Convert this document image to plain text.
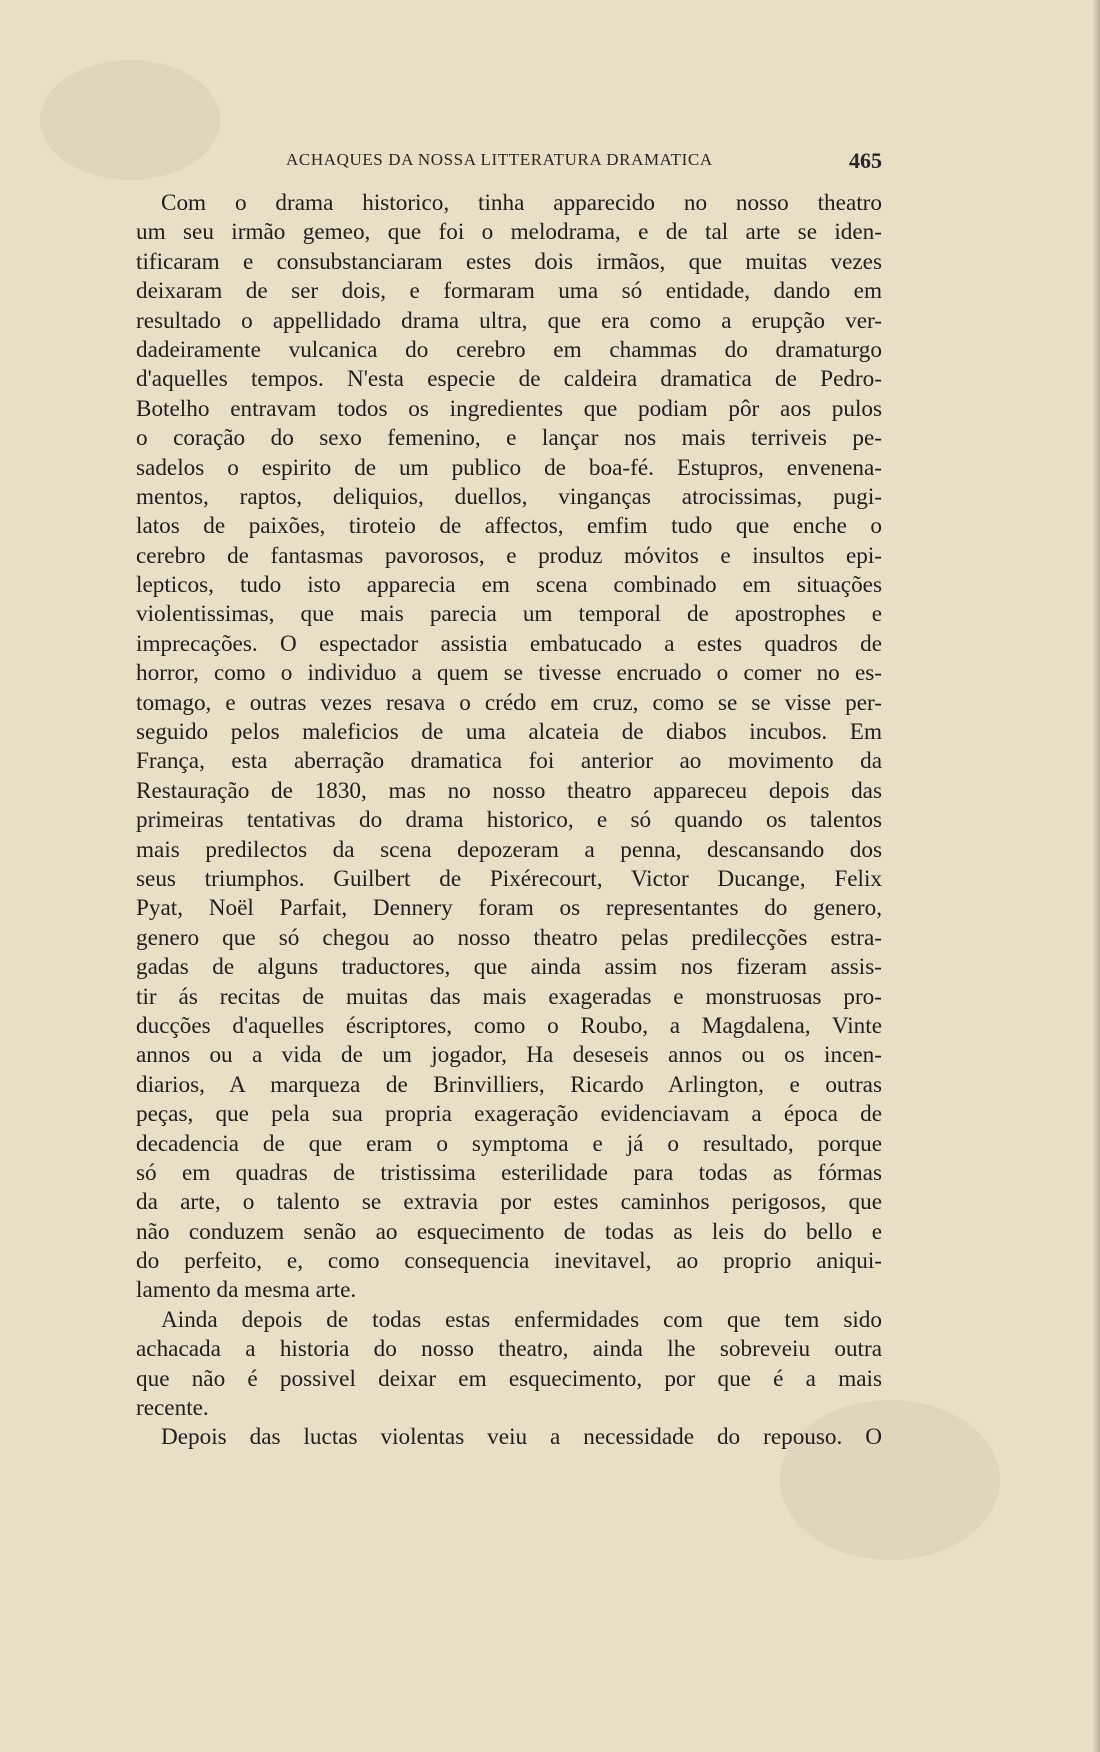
ACHAQUES DA NOSSA LITTERATURA DRAMATICA	465
Com o drama historico, tinha apparecido no nosso theatro
um seu irmão gemeo, que foi o melodrama, e de tal arte se iden-
tificaram e consubstanciaram estes dois irmãos, que muitas vezes
deixaram de ser dois, e formaram uma só entidade, dando em
resultado o appellidado drama ultra, que era como a erupção ver-
dadeiramente vulcanica do cerebro em chammas do dramaturgo
d'aquelles tempos. N'esta especie de caldeira dramatica de Pedro-
Botelho entravam todos os ingredientes que podiam pôr aos pulos
o coração do sexo femenino, e lançar nos mais terriveis pe-
sadelos o espirito de um publico de boa-fé. Estupros, envenena-
mentos, raptos, deliquios, duellos, vinganças atrocissimas, pugi-
latos de paixões, tiroteio de affectos, emfim tudo que enche o
cerebro de fantasmas pavorosos, e produz mόvitos e insultos epi-
lepticos, tudo isto apparecia em scena combinado em situações
violentissimas, que mais parecia um temporal de apostrophes e
imprecações. O espectador assistia embatucado a estes quadros de
horror, como o individuo a quem se tivesse encruado o comer no es-
tomago, e outras vezes resava o crédo em cruz, como se se visse per-
seguido pelos maleficios de uma alcateia de diabos incubos. Em
França, esta aberração dramatica foi anterior ao movimento da
Restauração de 1830, mas no nosso theatro appareceu depois das
primeiras tentativas do drama historico, e só quando os talentos
mais predilectos da scena depozeram a penna, descansando dos
seus triumphos. Guilbert de Pixérecourt, Victor Ducange, Felix
Pyat, Noël Parfait, Dennery foram os representantes do genero,
genero que só chegou ao nosso theatro pelas predilecções estra-
gadas de alguns traductores, que ainda assim nos fizeram assis-
tir ás recitas de muitas das mais exageradas e monstruosas pro-
ducções d'aquelles éscriptores, como o Roubo, a Magdalena, Vinte
annos ou a vida de um jogador, Ha deseseis annos ou os incen-
diarios, A marqueza de Brinvilliers, Ricardo Arlington, e outras
peças, que pela sua propria exageração evidenciavam a época de
decadencia de que eram o symptoma e já o resultado, porque
só em quadras de tristissima esterilidade para todas as fórmas
da arte, o talento se extravia por estes caminhos perigosos, que
não conduzem senão ao esquecimento de todas as leis do bello e
do perfeito, e, como consequencia inevitavel, ao proprio aniqui-
lamento da mesma arte.
Ainda depois de todas estas enfermidades com que tem sido
achacada a historia do nosso theatro, ainda lhe sobreveiu outra
que não é possivel deixar em esquecimento, por que é a mais
recente.
Depois das luctas violentas veiu a necessidade do repouso. O
